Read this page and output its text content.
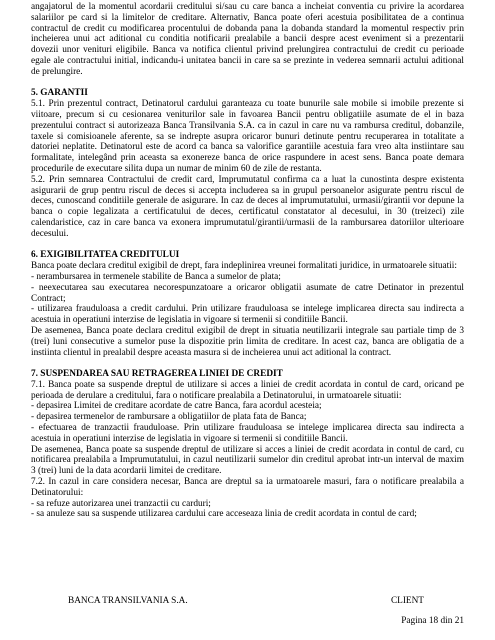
angajatorul de la momentul acordarii creditului si/sau cu care banca a incheiat conventia cu privire la acordarea salariilor pe card si la limitelor de creditare. Alternativ, Banca poate oferi acestuia posibilitatea de a continua contractul de credit cu modificarea procentului de dobanda pana la dobanda standard la momentul respectiv prin incheierea unui act aditional cu conditia notificarii prealabile a bancii despre acest eveniment si a prezentarii dovezii unor venituri eligibile. Banca va notifica clientul privind prelungirea contractului de credit cu perioade egale ale contractului initial, indicandu-i unitatea bancii in care sa se prezinte in vederea semnarii actului aditional de prelungire.

5. GARANTII

5.1. Prin prezentul contract, Detinatorul cardului garanteaza cu toate bunurile sale mobile si imobile prezente si viitoare, precum si cu cesionarea veniturilor sale in favoarea Bancii pentru obligatiile asumate de el in baza prezentului contract si autorizeaza Banca Transilvania S.A. ca in cazul in care nu va rambursa creditul, dobanzile, taxele si comisioanele aferente, sa se indrepte asupra oricaror bunuri detinute pentru recuperarea in totalitate a datoriei neplatite. Detinatorul este de acord ca banca sa valorifice garantiile acestuia fara vreo alta instiintare sau formalitate, intelegând prin aceasta sa exonereze banca de orice raspundere in acest sens. Banca poate demara procedurile de executare silita dupa un numar de minim 60 de zile de restanta.

5.2. Prin semnarea Contractului de credit card, Imprumutatul confirma ca a luat la cunostinta despre existenta asigurarii de grup pentru riscul de deces si accepta includerea sa in grupul persoanelor asigurate pentru riscul de deces, cunoscand conditiile generale de asigurare. In caz de deces al imprumutatului, urmasii/girantii vor depune la banca o copie legalizata a certificatului de deces, certificatul constatator al decesului, in 30 (treizeci) zile calendaristice, caz in care banca va exonera imprumutatul/girantii/urmasii de la rambursarea datoriilor ulterioare decesului.

6. EXIGIBILITATEA CREDITULUI

Banca poate declara creditul exigibil de drept, fara indeplinirea vreunei formalitati juridice, in urmatoarele situatii:

- nerambursarea in termenele stabilite de Banca a sumelor de plata;

- neexecutarea sau executarea necorespunzatoare a oricaror obligatii asumate de catre Detinator in prezentul Contract;

- utilizarea frauduloasa a credit cardului. Prin utilizare frauduloasa se intelege implicarea directa sau indirecta a acestuia in operatiuni interzise de legislatia in vigoare si termenii si conditiile Bancii.

De asemenea, Banca poate declara creditul exigibil de drept in situatia neutilizarii integrale sau partiale timp de 3 (trei) luni consecutive a sumelor puse la dispozitie prin limita de creditare. In acest caz, banca are obligatia de a instiinta clientul in prealabil despre aceasta masura si de incheierea unui act aditional la contract.

7. SUSPENDAREA SAU RETRAGEREA LINIEI DE CREDIT

7.1. Banca poate sa suspende dreptul de utilizare si acces a liniei de credit acordata in contul de card, oricand pe perioada de derulare a creditului, fara o notificare prealabila a Detinatorului, in urmatoarele situatii:

- depasirea Limitei de creditare acordate de catre Banca, fara acordul acesteia;

- depasirea termenelor de rambursare a obligatiilor de plata fata de Banca;

- efectuarea de tranzactii frauduloase. Prin utilizare frauduloasa se intelege implicarea directa sau indirecta a acestuia in operatiuni interzise de legislatia in vigoare si termenii si conditiile Bancii.

De asemenea, Banca poate sa suspende dreptul de utilizare si acces a liniei de credit acordata in contul de card, cu notificarea prealabila a Imprumutatului, in cazul neutilizarii sumelor din creditul aprobat intr-un interval de maxim 3 (trei) luni de la data acordarii limitei de creditare.

7.2. In cazul in care considera necesar, Banca are dreptul sa ia urmatoarele masuri, fara o notificare prealabila a Detinatorului:

- sa refuze autorizarea unei tranzactii cu carduri;

- sa anuleze sau sa suspende utilizarea cardului care acceseaza linia de credit acordata in contul de card;

BANCA TRANSILVANIA S.A.	CLIENT
Pagina 18 din 21
